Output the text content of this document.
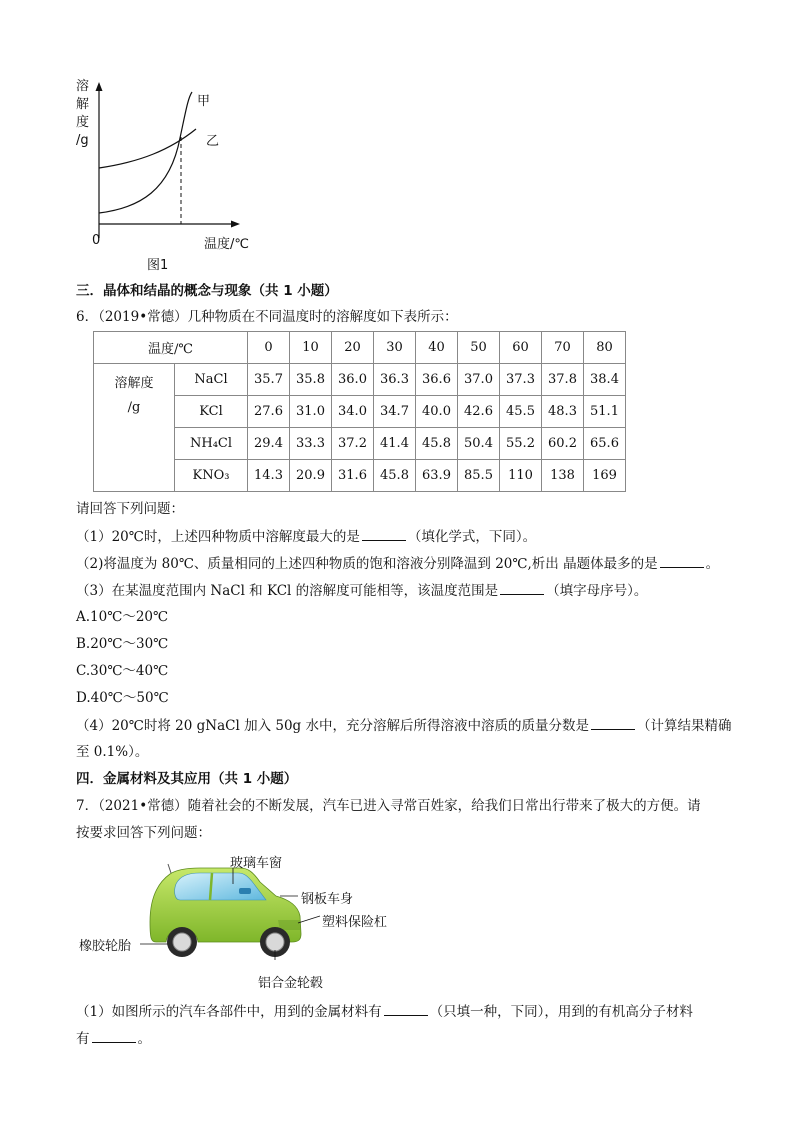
溶
解
度
/g
0	温度/℃
甲
乙
图1
三．晶体和结晶的概念与现象（共 1 小题）
6．（2019•常德）几种物质在不同温度时的溶解度如下表所示：
温度/℃		0	10	20	30	40	50	60	70	80

溶解度
/g	NaCl	35.7	35.8	36.0	36.3	36.6	37.0	37.3	37.8	38.4
	KCl	27.6	31.0	34.0	34.7	40.0	42.6	45.5	48.3	51.1
	NH₄Cl	29.4	33.3	37.2	41.4	45.8	50.4	55.2	60.2	65.6
	KNO₃	14.3	20.9	31.6	45.8	63.9	85.5	110	138	169
请回答下列问题：
（1）20℃时，上述四种物质中溶解度最大的是	（填化学式，下同）。
（2)将温度为 80℃、质量相同的上述四种物质的饱和溶液分别降温到 20℃,析出 晶题体最多的是	。
（3）在某温度范围内 NaCl 和 KCl 的溶解度可能相等，该温度范围是	（填字母序号）。
A.10℃～20℃
B.20℃～30℃
C.30℃～40℃
D.40℃～50℃
（4）20℃时将 20 gNaCl 加入 50g 水中，充分溶解后所得溶液中溶质的质量分数是	（计算结果精确
至 0.1%）。
四．金属材料及其应用（共 1 小题）
7．（2021•常德）随着社会的不断发展，汽车已进入寻常百姓家，给我们日常出行带来了极大的方便。请
按要求回答下列问题：
玻璃车窗
钢板车身
塑料保险杠
橡胶轮胎
铝合金轮毂
（1）如图所示的汽车各部件中，用到的金属材料有	（只填一种，下同），用到的有机高分子材料
有	。
